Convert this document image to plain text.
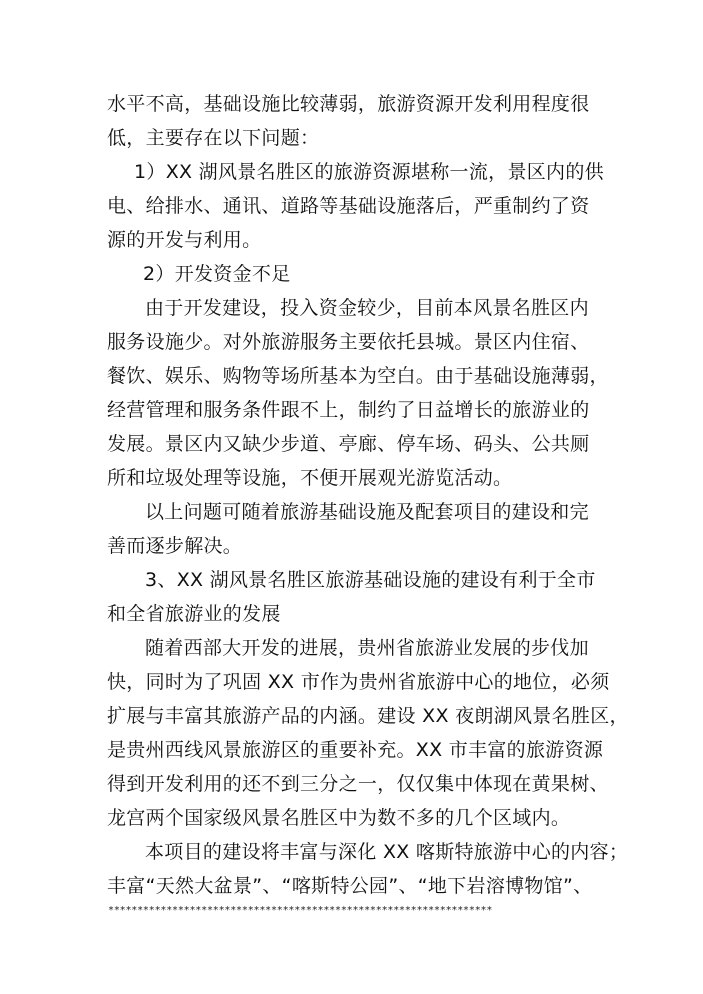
水平不高，基础设施比较薄弱，旅游资源开发利用程度很
低，主要存在以下问题：
1）XX 湖风景名胜区的旅游资源堪称一流，景区内的供
电、给排水、通讯、道路等基础设施落后，严重制约了资
源的开发与利用。
2）开发资金不足
由于开发建设，投入资金较少，目前本风景名胜区内
服务设施少。对外旅游服务主要依托县城。景区内住宿、
餐饮、娱乐、购物等场所基本为空白。由于基础设施薄弱，
经营管理和服务条件跟不上，制约了日益增长的旅游业的
发展。景区内又缺少步道、亭廊、停车场、码头、公共厕
所和垃圾处理等设施，不便开展观光游览活动。
以上问题可随着旅游基础设施及配套项目的建设和完
善而逐步解决。
3、XX 湖风景名胜区旅游基础设施的建设有利于全市
和全省旅游业的发展
随着西部大开发的进展，贵州省旅游业发展的步伐加
快，同时为了巩固 XX 市作为贵州省旅游中心的地位，必须
扩展与丰富其旅游产品的内涵。建设 XX 夜朗湖风景名胜区，
是贵州西线风景旅游区的重要补充。XX 市丰富的旅游资源
得到开发利用的还不到三分之一，仅仅集中体现在黄果树、
龙宫两个国家级风景名胜区中为数不多的几个区域内。
本项目的建设将丰富与深化 XX 喀斯特旅游中心的内容；
丰富“天然大盆景”、“喀斯特公园”、“地下岩溶博物馆”、
******************************************************************
